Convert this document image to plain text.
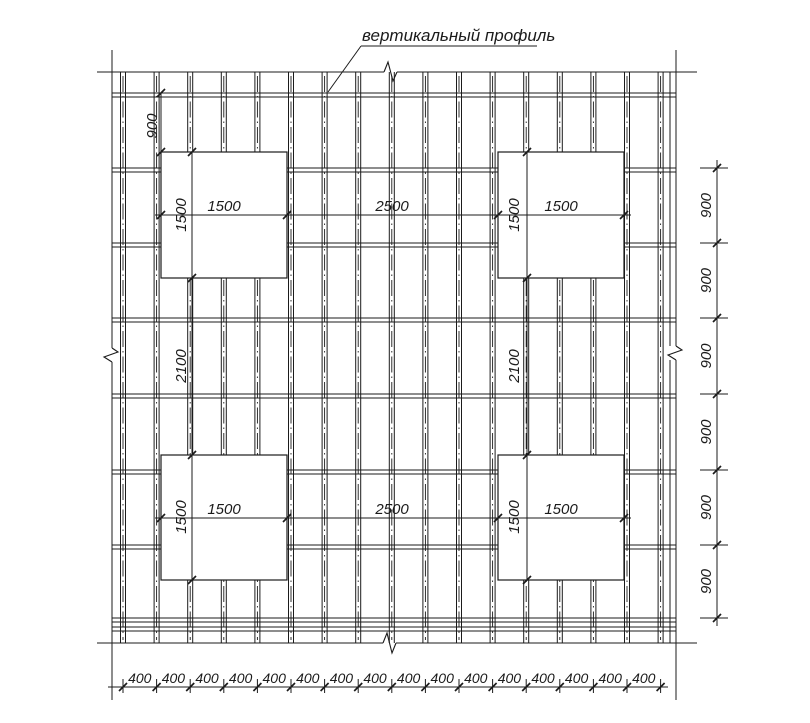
1500	2500	1500
1500	2500	1500
900
1500
2100
1500
1500
2100
1500
900
900
900
900
900
900
400 400 400 400 400 400 400 400 400 400 400 400 400 400 400 400
вертикальный профиль
